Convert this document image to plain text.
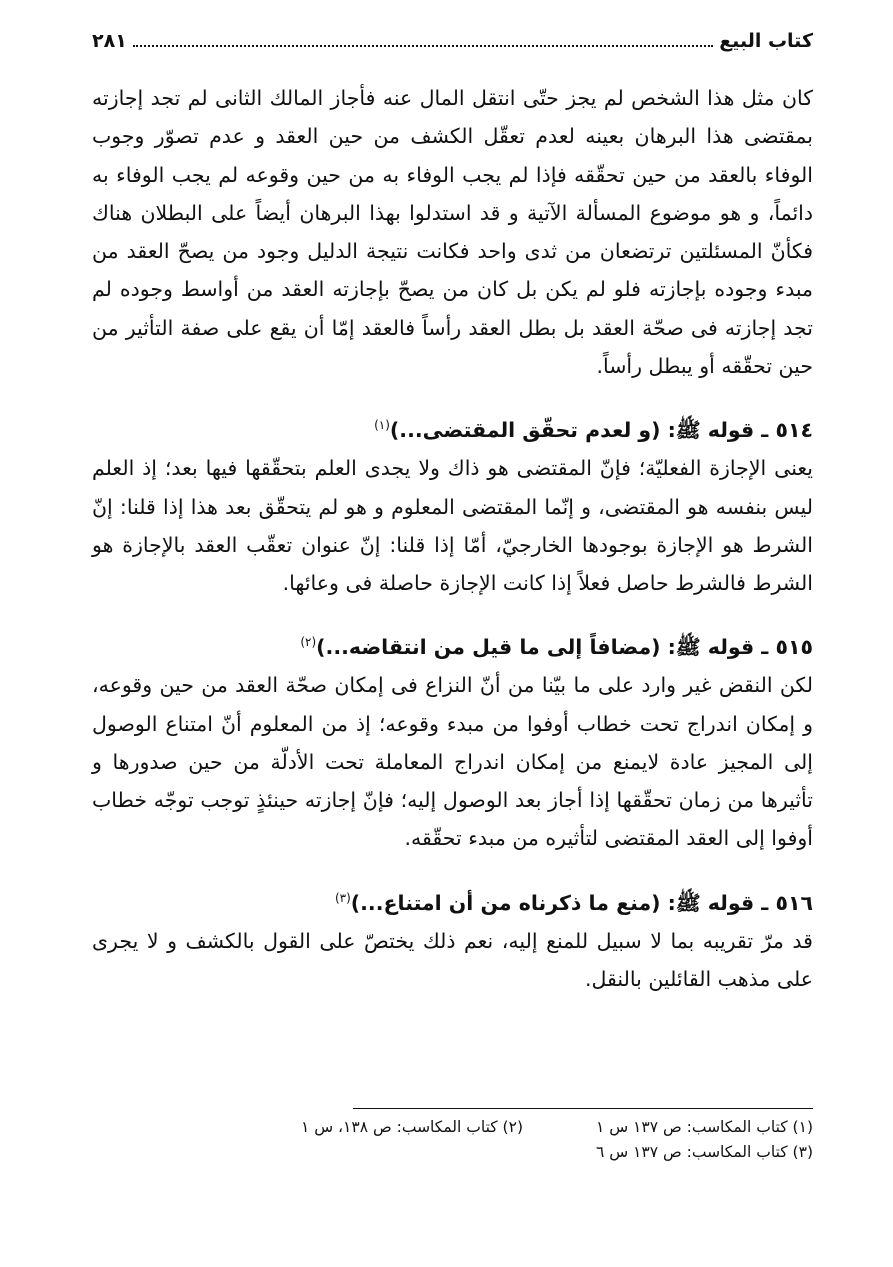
كتاب البيع
٢٨١

كان مثل هذا الشخص لم يجز حتّى انتقل المال عنه فأجاز المالك الثانى لم تجد إجازته بمقتضى هذا البرهان بعينه لعدم تعقّل الكشف من حين العقد و عدم تصوّر وجوب الوفاء بالعقد من حين تحقّقه فإذا لم يجب الوفاء به من حين وقوعه لم يجب الوفاء به دائماً، و هو موضوع المسألة الآتية و قد استدلوا بهذا البرهان أيضاً على البطلان هناك فكأنّ المسئلتين ترتضعان من ثدى واحد فكانت نتيجة الدليل وجود من يصحّ العقد من مبدء وجوده بإجازته فلو لم يكن بل كان من يصحّ بإجازته العقد من أواسط وجوده لم تجد إجازته فى صحّة العقد بل بطل العقد رأساً فالعقد إمّا أن يقع على صفة التأثير من حين تحقّقه أو يبطل رأساً.

٥١٤ ـ قوله ﷺ: (و لعدم تحقّق المقتضى...)$^{(١)}$

يعنى الإجازة الفعليّة؛ فإنّ المقتضى هو ذاك ولا يجدى العلم بتحقّقها فيها بعد؛ إذ العلم ليس بنفسه هو المقتضى، و إنّما المقتضى المعلوم و هو لم يتحقّق بعد هذا إذا قلنا: إنّ الشرط هو الإجازة بوجودها الخارجيّ، أمّا إذا قلنا: إنّ عنوان تعقّب العقد بالإجازة هو الشرط فالشرط حاصل فعلاً إذا كانت الإجازة حاصلة فى وعائها.

٥١٥ ـ قوله ﷺ: (مضافاً إلى ما قيل من انتقاضه...)$^{(٢)}$

لكن النقض غير وارد على ما بيّنا من أنّ النزاع فى إمكان صحّة العقد من حين وقوعه، و إمكان اندراج تحت خطاب أوفوا من مبدء وقوعه؛ إذ من المعلوم أنّ امتناع الوصول إلى المجيز عادة لايمنع من إمكان اندراج المعاملة تحت الأدلّة من حين صدورها و تأثيرها من زمان تحقّقها إذا أجاز بعد الوصول إليه؛ فإنّ إجازته حينئذٍ توجب توجّه خطاب أوفوا إلى العقد المقتضى لتأثيره من مبدء تحقّقه.

٥١٦ ـ قوله ﷺ: (منع ما ذكرناه من أن امتناع...)$^{(٣)}$

قد مرّ تقريبه بما لا سبيل للمنع إليه، نعم ذلك يختصّ على القول بالكشف و لا يجرى على مذهب القائلين بالنقل.

(١) كتاب المكاسب: ص ١٣٧ س ١
(٢) كتاب المكاسب: ص ١٣٨، س ١
(٣) كتاب المكاسب: ص ١٣٧ س ٦
